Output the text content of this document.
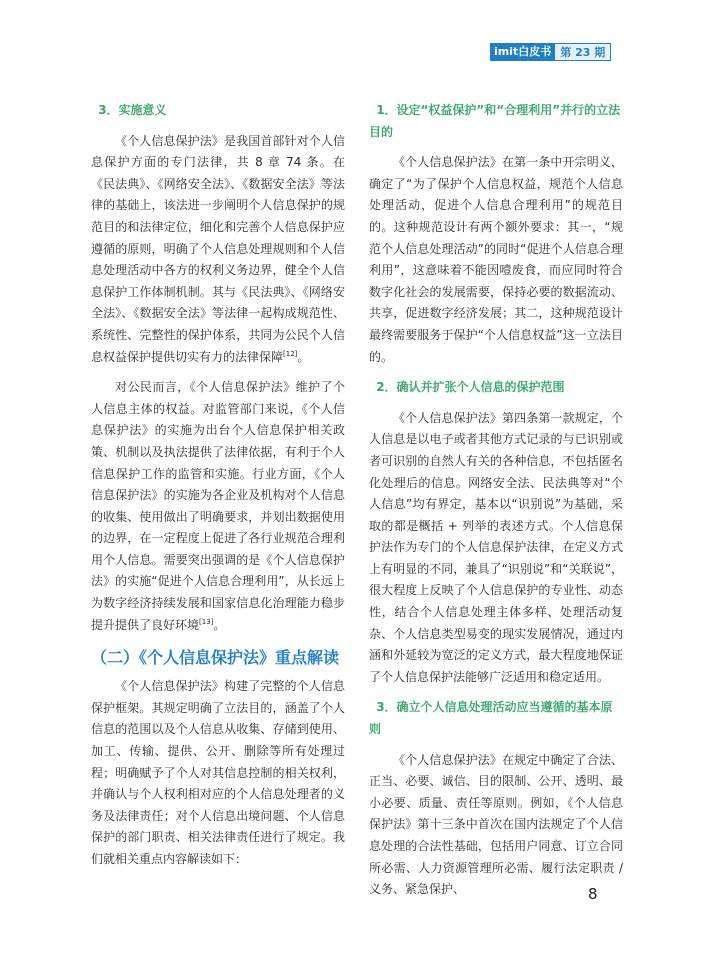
imit白皮书 第 23 期
3．实施意义

《个人信息保护法》是我国首部针对个人信息保护方面的专门法律，共 8 章 74 条。在《民法典》、《网络安全法》、《数据安全法》等法律的基础上，该法进一步阐明个人信息保护的规范目的和法律定位，细化和完善个人信息保护应遵循的原则，明确了个人信息处理规则和个人信息处理活动中各方的权利义务边界，健全个人信息保护工作体制机制。其与《民法典》、《网络安全法》、《数据安全法》等法律一起构成规范性、系统性、完整性的保护体系，共同为公民个人信息权益保护提供切实有力的法律保障[12]。

对公民而言，《个人信息保护法》维护了个人信息主体的权益。对监管部门来说，《个人信息保护法》的实施为出台个人信息保护相关政策、机制以及执法提供了法律依据，有利于个人信息保护工作的监管和实施。行业方面，《个人信息保护法》的实施为各企业及机构对个人信息的收集、使用做出了明确要求，并划出数据使用的边界，在一定程度上促进了各行业规范合理利用个人信息。需要突出强调的是《个人信息保护法》的实施“促进个人信息合理利用”，从长远上为数字经济持续发展和国家信息化治理能力稳步提升提供了良好环境[13]。

（二）《个人信息保护法》重点解读

《个人信息保护法》构建了完整的个人信息保护框架。其规定明确了立法目的，涵盖了个人信息的范围以及个人信息从收集、存储到使用、加工、传输、提供、公开、删除等所有处理过程；明确赋予了个人对其信息控制的相关权利，并确认与个人权利相对应的个人信息处理者的义务及法律责任；对个人信息出境问题、个人信息保护的部门职责、相关法律责任进行了规定。我们就相关重点内容解读如下：

1．设定“权益保护”和“合理利用”并行的立法目的

《个人信息保护法》在第一条中开宗明义，确定了“为了保护个人信息权益，规范个人信息处理活动，促进个人信息合理利用”的规范目的。这种规范设计有两个额外要求：其一，“规范个人信息处理活动”的同时“促进个人信息合理利用”，这意味着不能因噎废食，而应同时符合数字化社会的发展需要，保持必要的数据流动、共享，促进数字经济发展；其二，这种规范设计最终需要服务于保护“个人信息权益”这一立法目的。

2．确认并扩张个人信息的保护范围

《个人信息保护法》第四条第一款规定，个人信息是以电子或者其他方式记录的与已识别或者可识别的自然人有关的各种信息，不包括匿名化处理后的信息。网络安全法、民法典等对“个人信息”均有界定，基本以“识别说”为基础，采取的都是概括 + 列举的表述方式。个人信息保护法作为专门的个人信息保护法律，在定义方式上有明显的不同，兼具了“识别说”和“关联说”，很大程度上反映了个人信息保护的专业性、动态性，结合个人信息处理主体多样、处理活动复杂、个人信息类型易变的现实发展情况，通过内涵和外延较为宽泛的定义方式，最大程度地保证了个人信息保护法能够广泛适用和稳定适用。

3．确立个人信息处理活动应当遵循的基本原则

《个人信息保护法》在规定中确定了合法、正当、必要、诚信、目的限制、公开、透明、最小必要、质量、责任等原则。例如，《个人信息保护法》第十三条中首次在国内法规定了个人信息处理的合法性基础，包括用户同意、订立合同所必需、人力资源管理所必需、履行法定职责 / 义务、紧急保护、	8
